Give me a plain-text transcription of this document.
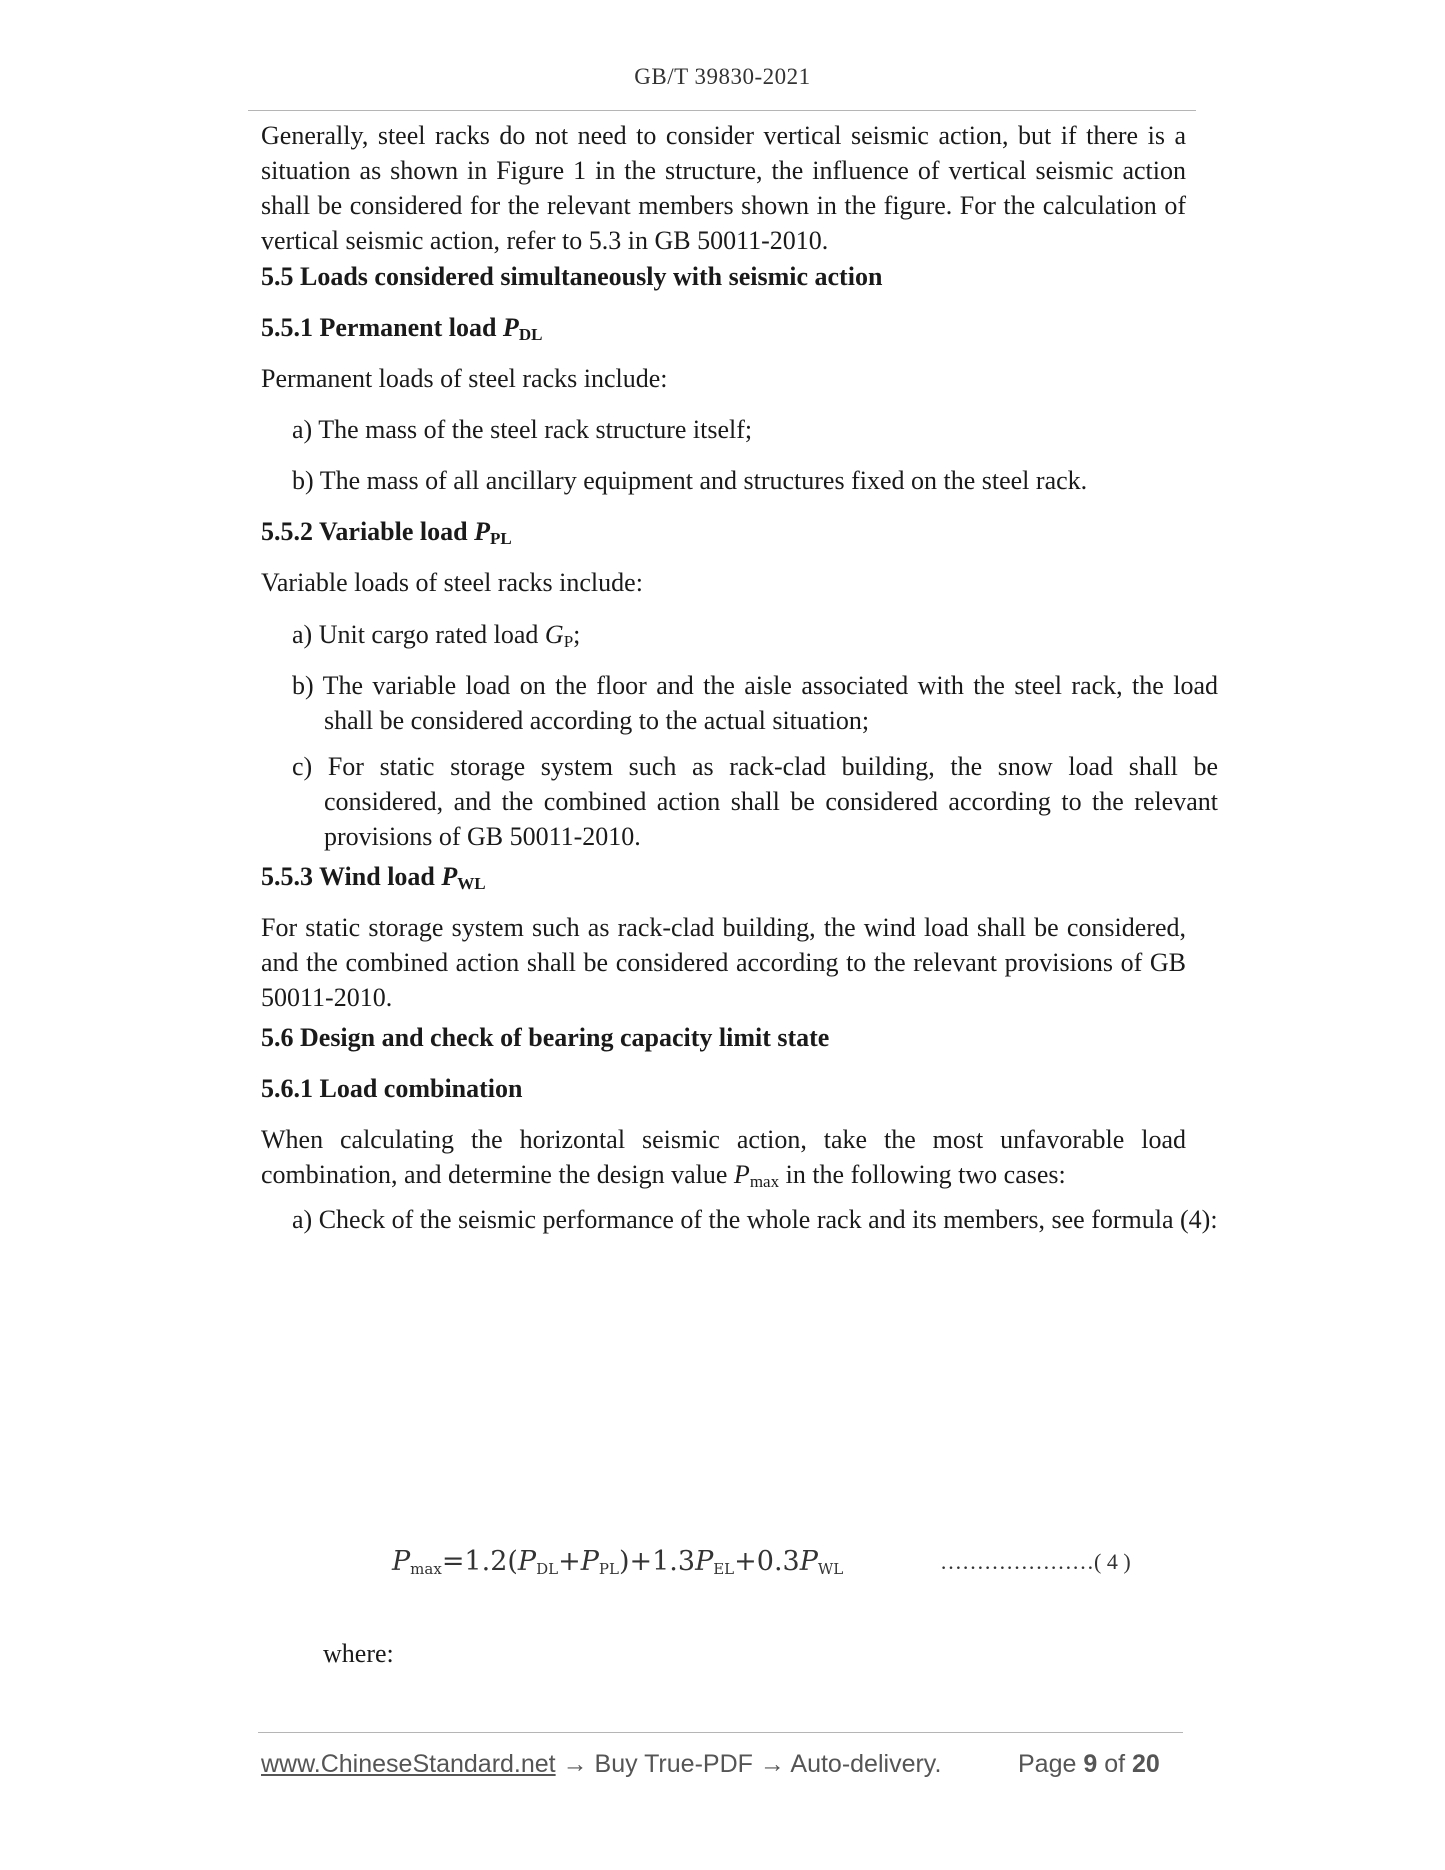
GB/T 39830-2021
Generally, steel racks do not need to consider vertical seismic action, but if there is a situation as shown in Figure 1 in the structure, the influence of vertical seismic action shall be considered for the relevant members shown in the figure. For the calculation of vertical seismic action, refer to 5.3 in GB 50011-2010.
5.5 Loads considered simultaneously with seismic action
5.5.1 Permanent load $P_{DL}$
Permanent loads of steel racks include:
a) The mass of the steel rack structure itself;
b) The mass of all ancillary equipment and structures fixed on the steel rack.
5.5.2 Variable load $P_{PL}$
Variable loads of steel racks include:
a) Unit cargo rated load $G_P$;
b) The variable load on the floor and the aisle associated with the steel rack, the load shall be considered according to the actual situation;
c) For static storage system such as rack-clad building, the snow load shall be considered, and the combined action shall be considered according to the relevant provisions of GB 50011-2010.
5.5.3 Wind load $P_{WL}$
For static storage system such as rack-clad building, the wind load shall be considered, and the combined action shall be considered according to the relevant provisions of GB 50011-2010.
5.6 Design and check of bearing capacity limit state
5.6.1 Load combination
When calculating the horizontal seismic action, take the most unfavorable load combination, and determine the design value $P_{max}$ in the following two cases:
a) Check of the seismic performance of the whole rack and its members, see formula (4):
$P_{max}=1.2(P_{DL}+P_{PL})+1.3P_{EL}+0.3P_{WL}$	…………………( 4 )
where:
www.ChineseStandard.net → Buy True-PDF → Auto-delivery.	Page 9 of 20
